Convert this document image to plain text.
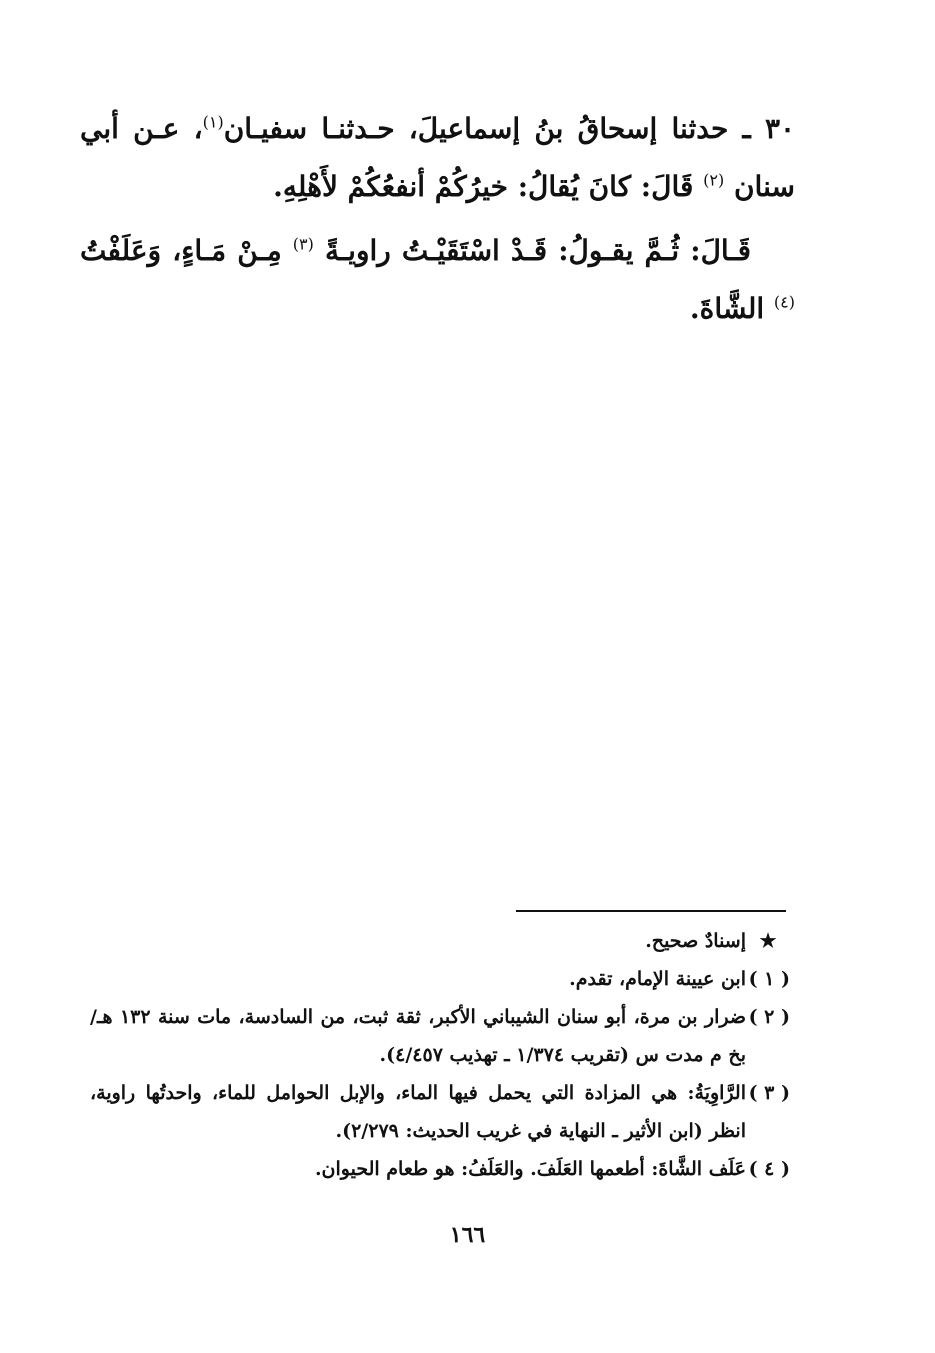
٣٠ ـ حدثنا إسحاقُ بنُ إسماعيلَ، حـدثنـا سفيـان$^{(١)}$، عـن أبي سنان $^{(٢)}$ قَالَ: كانَ يُقالُ: خيرُكُمْ أنفعُكُمْ لأَهْلِهِ.

قَـالَ: ثُـمَّ يقـولُ: قَـدْ اسْتَقَيْـتُ راويـةً $^{(٣)}$ مِـنْ مَـاءٍ، وَعَلَفْتُ $^{(٤)}$ الشَّاةَ.

★
إسنادٌ صحيح.
( ١ )
ابن عيينة الإمام، تقدم.
( ٢ )
ضرار بن مرة، أبو سنان الشيباني الأكبر، ثقة ثبت، من السادسة، مات سنة ١٣٢ هـ/ بخ م مدت س (تقريب ١/٣٧٤ ـ تهذيب ٤/٤٥٧).
( ٣ )
الرَّاوِيَةُ: هي المزادة التي يحمل فيها الماء، والإبل الحوامل للماء، واحدتُها راوية، انظر (ابن الأثير ـ النهاية في غريب الحديث: ٢/٢٧٩).
( ٤ )
عَلَف الشَّاةَ: أطعمها العَلَفَ. والعَلَفُ: هو طعام الحيوان.
١٦٦
